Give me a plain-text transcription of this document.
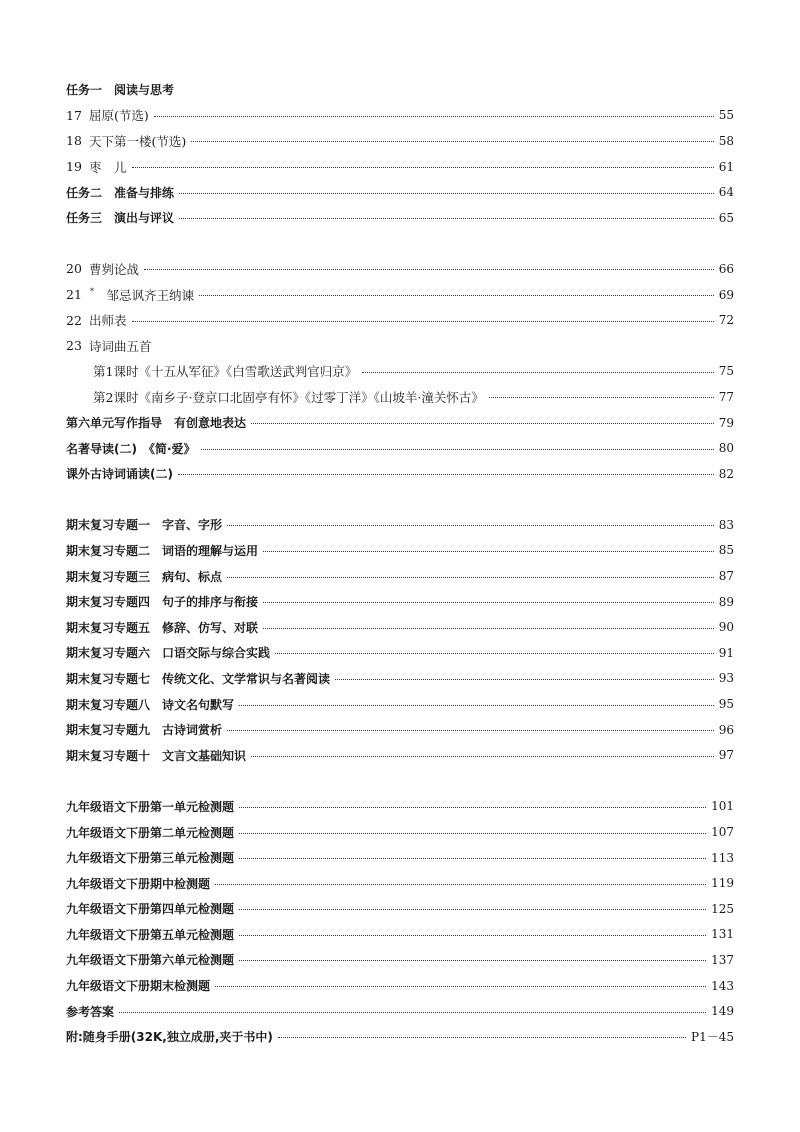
任务一　阅读与思考
17 屈原(节选)	55
18 天下第一楼(节选)	58
19 枣　儿	61
任务二　准备与排练	64
任务三　演出与评议	65
20 曹刿论战	66
21	*  邹忌讽齐王纳谏	69
22 出师表	72
23 诗词曲五首
第1课时《十五从军征》《白雪歌送武判官归京》	75
第2课时《南乡子·登京口北固亭有怀》《过零丁洋》《山坡羊·潼关怀古》	77
第六单元写作指导　有创意地表达	79
名著导读(二)　《简·爱》	80
课外古诗词诵读(二)	82
期末复习专题一　字音、字形	83
期末复习专题二　词语的理解与运用	85
期末复习专题三　病句、标点	87
期末复习专题四　句子的排序与衔接	89
期末复习专题五　修辞、仿写、对联	90
期末复习专题六　口语交际与综合实践	91
期末复习专题七　传统文化、文学常识与名著阅读	93
期末复习专题八　诗文名句默写	95
期末复习专题九　古诗词赏析	96
期末复习专题十　文言文基础知识	97
九年级语文下册第一单元检测题	101
九年级语文下册第二单元检测题	107
九年级语文下册第三单元检测题	113
九年级语文下册期中检测题	119
九年级语文下册第四单元检测题	125
九年级语文下册第五单元检测题	131
九年级语文下册第六单元检测题	137
九年级语文下册期末检测题	143
参考答案	149
附:随身手册(32K,独立成册,夹于书中)	P1－45
